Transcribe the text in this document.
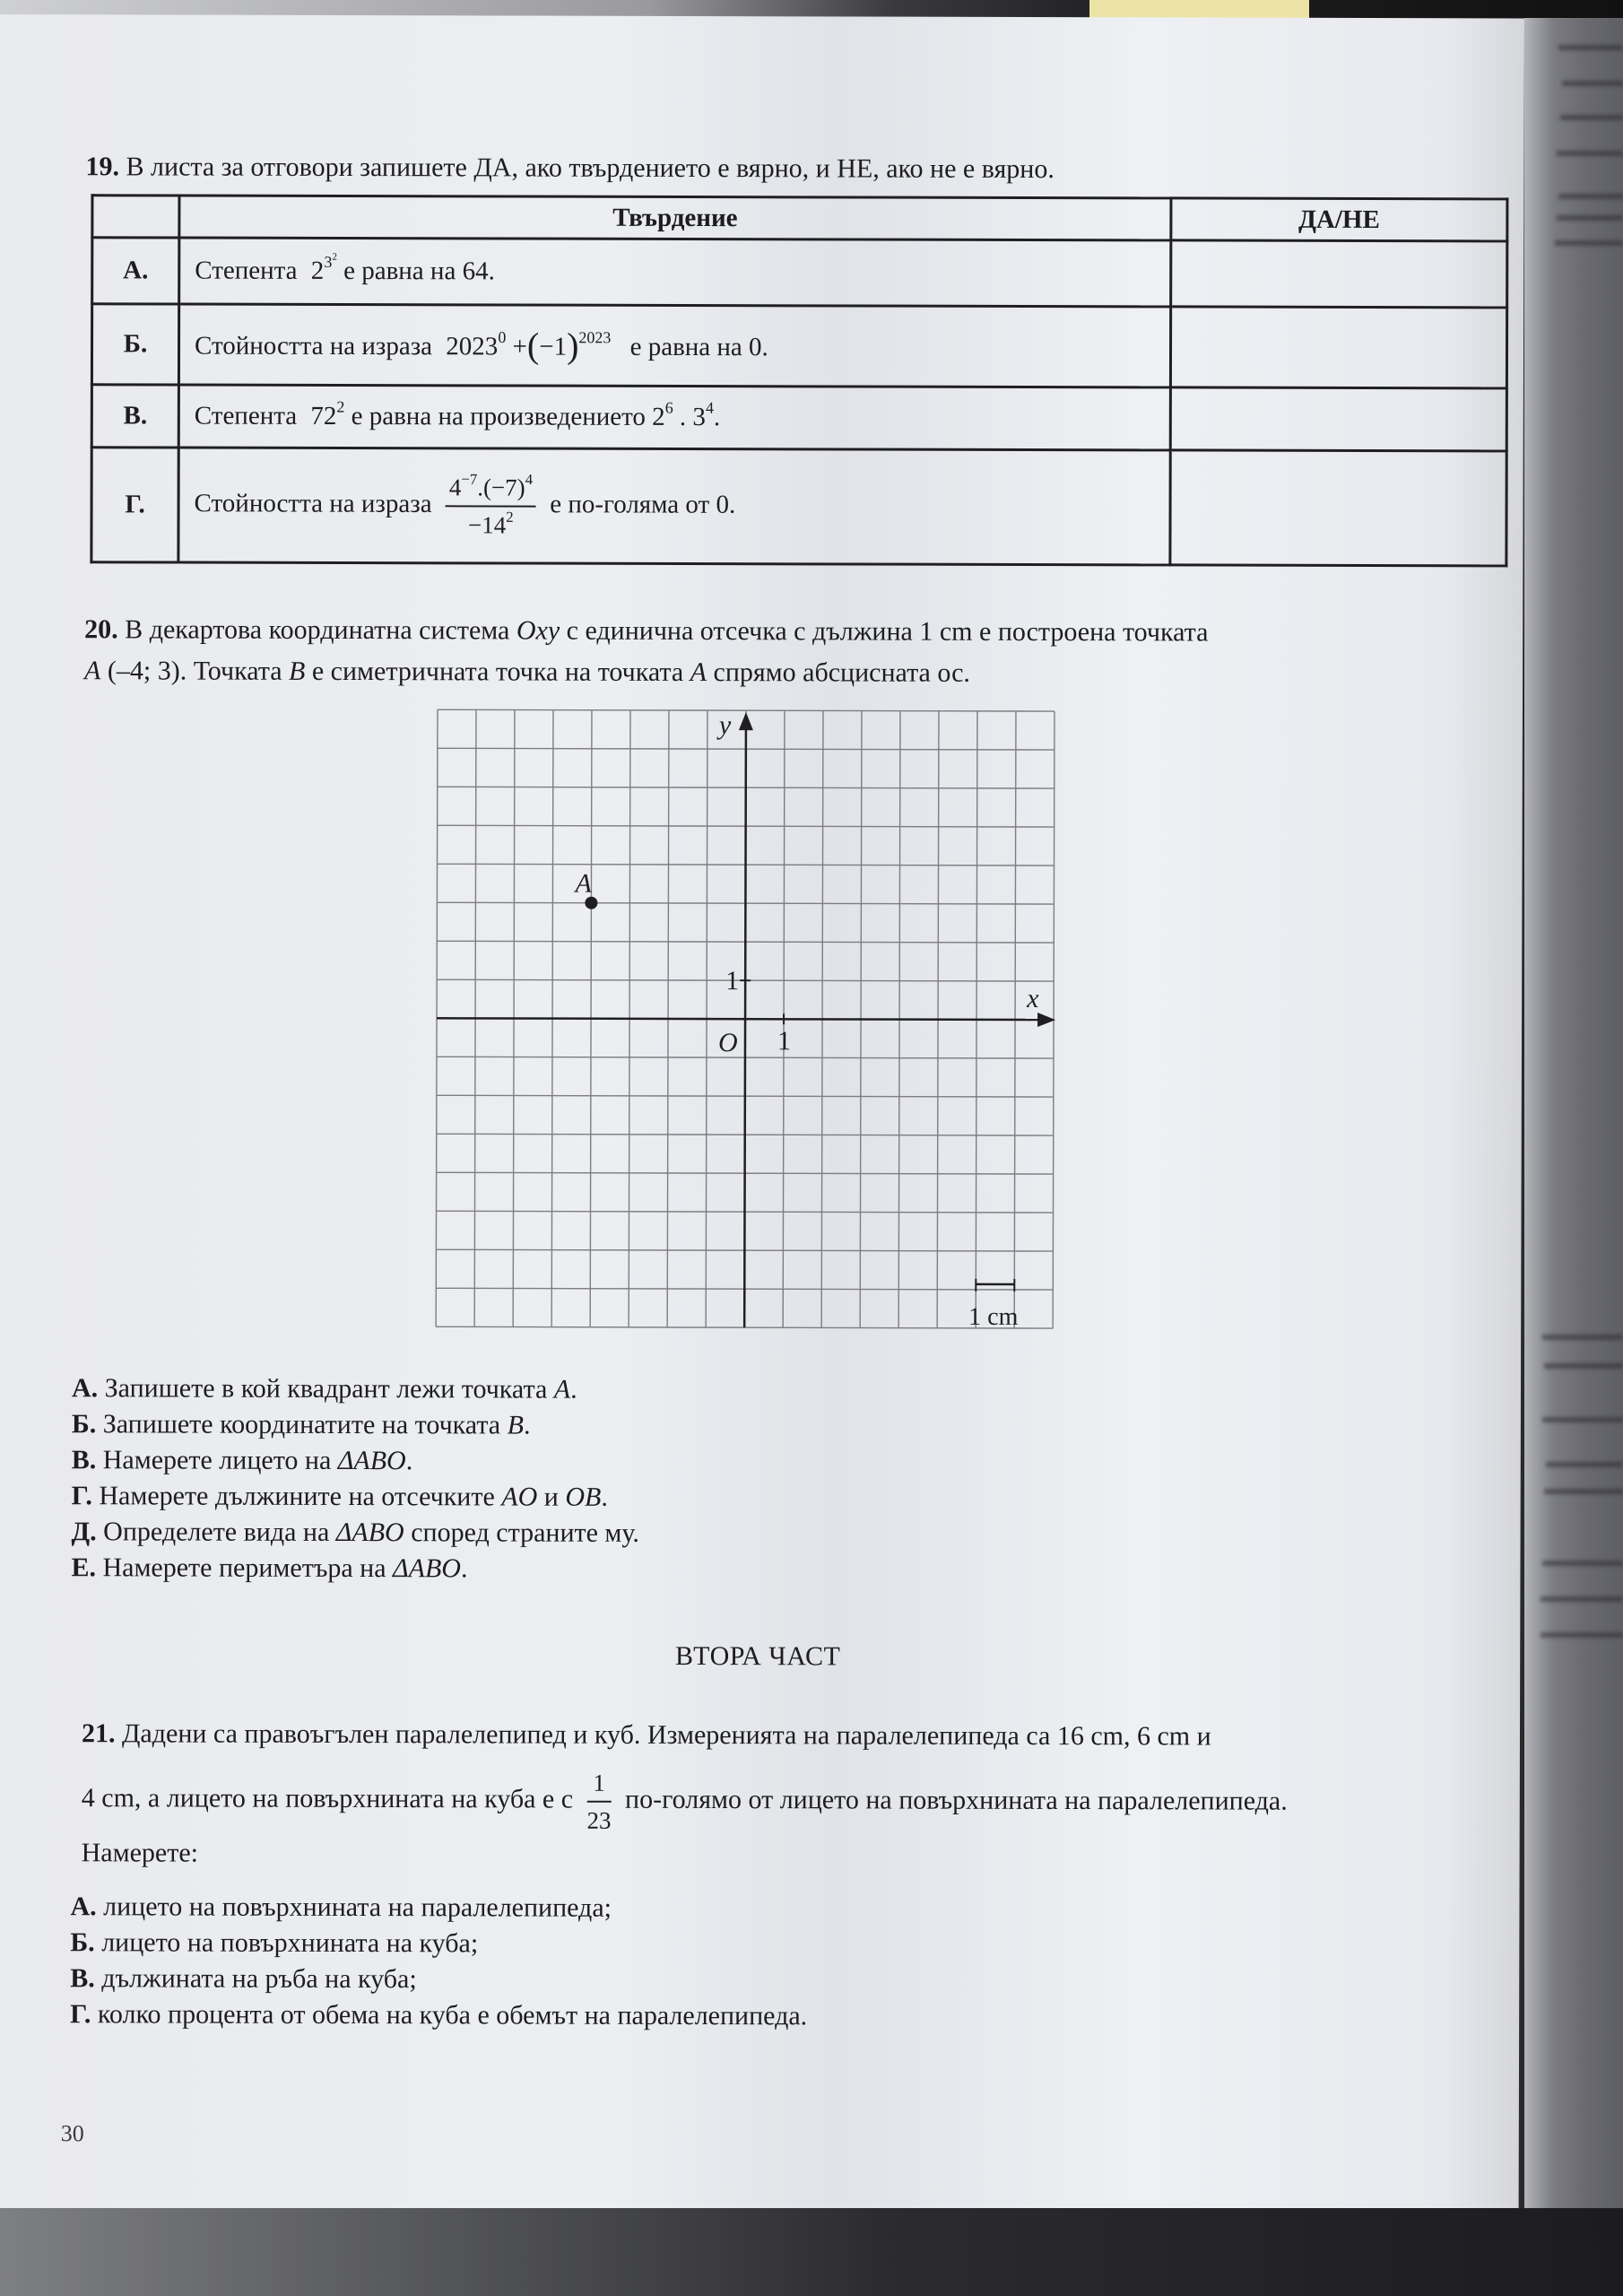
19. В листа за отговори запишете ДА, ако твърдението е вярно, и НЕ, ако не е вярно.
	Твърдение	ДА/НЕ
А.	Степента $2^{3^2}$ е равна на 64.	
Б.	Стойността на израза $2023^0 +(-1)^{2023}$ е равна на 0.	
В.	Степента $72^2$ е равна на произведението $2^6$ . $3^4$.	
Г.	Стойността на израза $\frac{4^{-7}.(-7)^4}{-14^2}$ е по-голяма от 0.	
20. В декартова координатна система Oxy с единична отсечка с дължина 1 cm е построена точката
A (–4; 3). Точката B е симетричната точка на точката A спрямо абсцисната ос.
x
y
O 1
1
A
1 cm
А. Запишете в кой квадрант лежи точката A.
Б. Запишете координатите на точката B.
В. Намерете лицето на ΔABO.
Г. Намерете дължините на отсечките AO и OB.
Д. Определете вида на ΔABO според страните му.
Е. Намерете периметъра на ΔABO.
ВТОРА ЧАСТ
21. Дадени са правоъгълен паралелепипед и куб. Измеренията на паралелепипеда са 16 cm, 6 cm и
4 cm, а лицето на повърхнината на куба е с $\frac{1}{23}$ по-голямо от лицето на повърхнината на паралелепипеда.
Намерете:
А. лицето на повърхнината на паралелепипеда;
Б. лицето на повърхнината на куба;
В. дължината на ръба на куба;
Г. колко процента от обема на куба е обемът на паралелепипеда.
30
